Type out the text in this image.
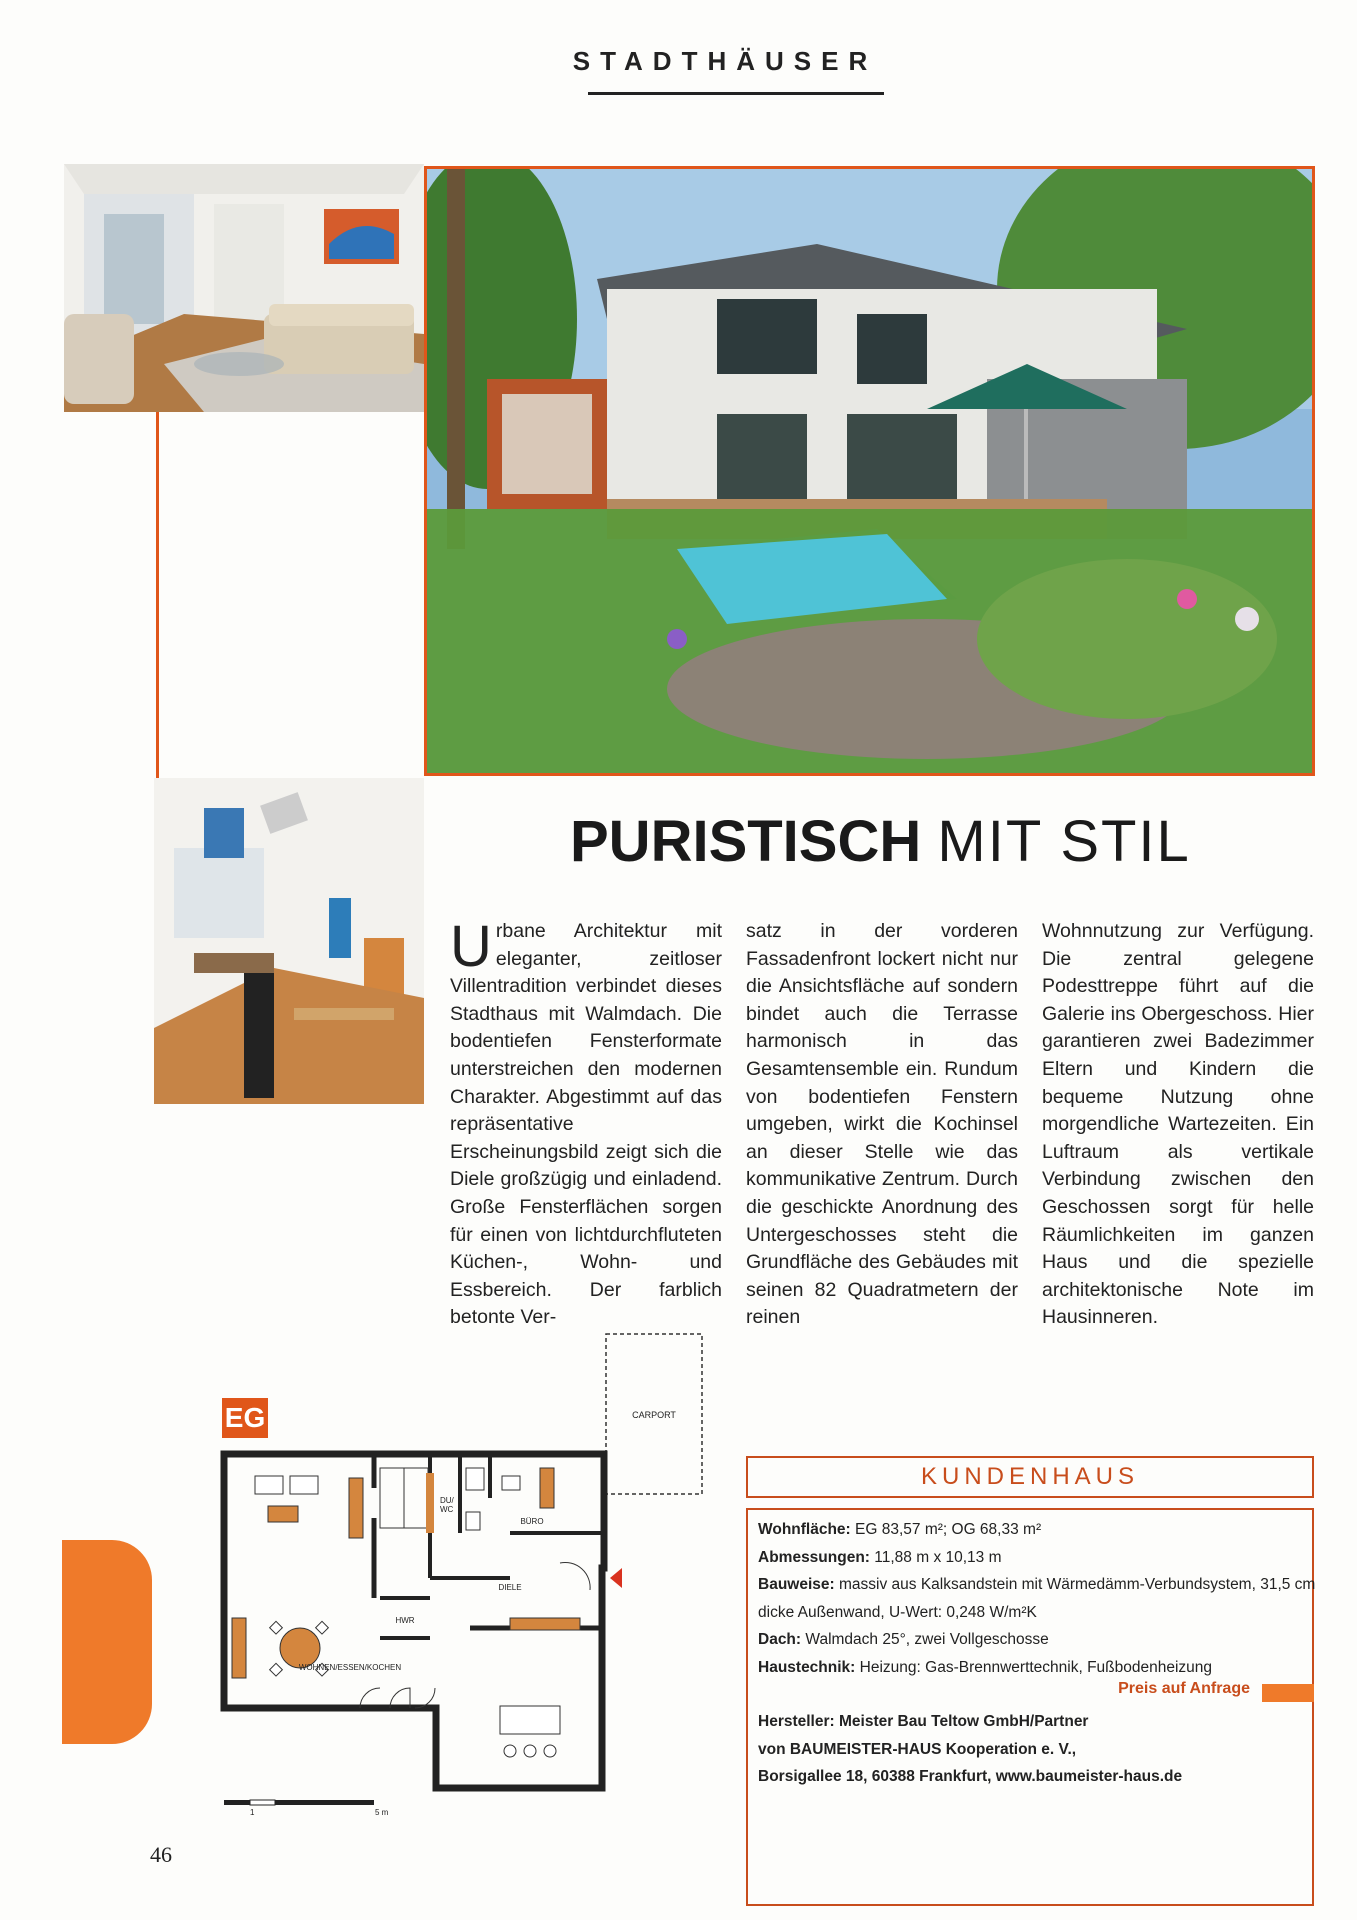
STADTHÄUSER
PURISTISCH MIT STIL
Urbane Architektur mit eleganter, zeitloser Villentradition verbindet dieses Stadthaus mit Walmdach. Die bodentiefen Fensterformate unterstreichen den modernen Charakter. Abgestimmt auf das repräsentative Erscheinungsbild zeigt sich die Diele großzügig und einladend. Große Fensterflächen sorgen für einen von lichtdurchfluteten Küchen-, Wohn- und Essbereich. Der farblich betonte Ver-
satz in der vorderen Fassadenfront lockert nicht nur die Ansichtsfläche auf sondern bindet auch die Terrasse harmonisch in das Gesamtensemble ein. Rundum von bodentiefen Fenstern umgeben, wirkt die Kochinsel an dieser Stelle wie das kommunikative Zentrum. Durch die geschickte Anordnung des Untergeschosses steht die Grundfläche des Gebäudes mit seinen 82 Quadratmetern der reinen
Wohnnutzung zur Verfügung. Die zentral gelegene Podesttreppe führt auf die Galerie ins Obergeschoss. Hier garantieren zwei Badezimmer Eltern und Kindern die bequeme Nutzung ohne morgendliche Wartezeiten. Ein Luftraum als vertikale Verbindung zwischen den Geschossen sorgt für helle Räumlichkeiten im ganzen Haus und die spezielle architektonische Note im Hausinneren.
EG	CARPORT
DU/
WC
BÜRO
DIELE
HWR
WOHNEN/ESSEN/KOCHEN
1	5 m
KUNDENHAUS

Wohnfläche: EG 83,57 m²; OG 68,33 m²

Abmessungen: 11,88 m x 10,13 m

Bauweise: massiv aus Kalksandstein mit Wärmedämm-Verbundsystem, 31,5 cm dicke Außenwand, U-Wert: 0,248 W/m²K

Dach: Walmdach 25°, zwei Vollgeschosse

Haustechnik: Heizung: Gas-Brennwerttechnik, Fußbodenheizung

Hersteller: Meister Bau Teltow GmbH/Partner

von BAUMEISTER-HAUS Kooperation e. V.,

Borsigallee 18, 60388 Frankfurt, www.baumeister-haus.de

Preis auf Anfrage
46
